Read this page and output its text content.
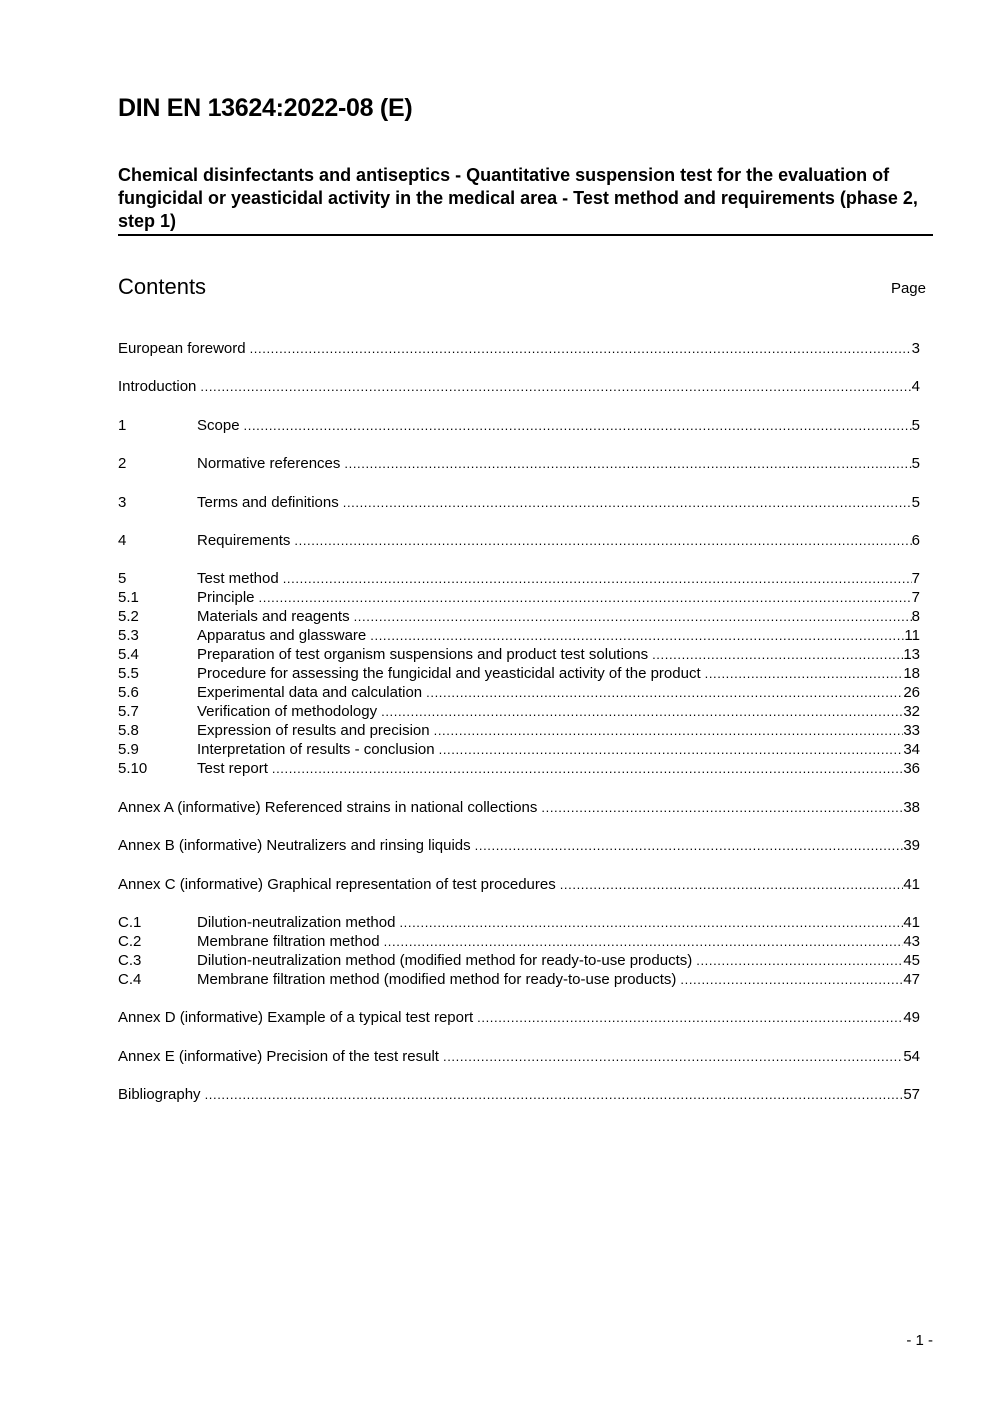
DIN EN 13624:2022-08 (E)
Chemical disinfectants and antiseptics - Quantitative suspension test for the evaluation of fungicidal or yeasticidal activity in the medical area - Test method and requirements (phase 2, step 1)
Contents	Page
European foreword .....	3
Introduction .....	4
1	Scope .....	5
2	Normative references .....	5
3	Terms and definitions .....	5
4	Requirements .....	6
5	Test method .....	7
5.1	Principle .....	7
5.2	Materials and reagents .....	8
5.3	Apparatus and glassware .....	11
5.4	Preparation of test organism suspensions and product test solutions .....	13
5.5	Procedure for assessing the fungicidal and yeasticidal activity of the product .....	18
5.6	Experimental data and calculation .....	26
5.7	Verification of methodology .....	32
5.8	Expression of results and precision .....	33
5.9	Interpretation of results - conclusion .....	34
5.10	Test report .....	36
Annex A (informative) Referenced strains in national collections .....	38
Annex B (informative) Neutralizers and rinsing liquids .....	39
Annex C (informative) Graphical representation of test procedures .....	41
C.1	Dilution-neutralization method .....	41
C.2	Membrane filtration method .....	43
C.3	Dilution-neutralization method (modified method for ready-to-use products) .....	45
C.4	Membrane filtration method (modified method for ready-to-use products) .....	47
Annex D (informative) Example of a typical test report .....	49
Annex E (informative) Precision of the test result .....	54
Bibliography .....	57
- 1 -
